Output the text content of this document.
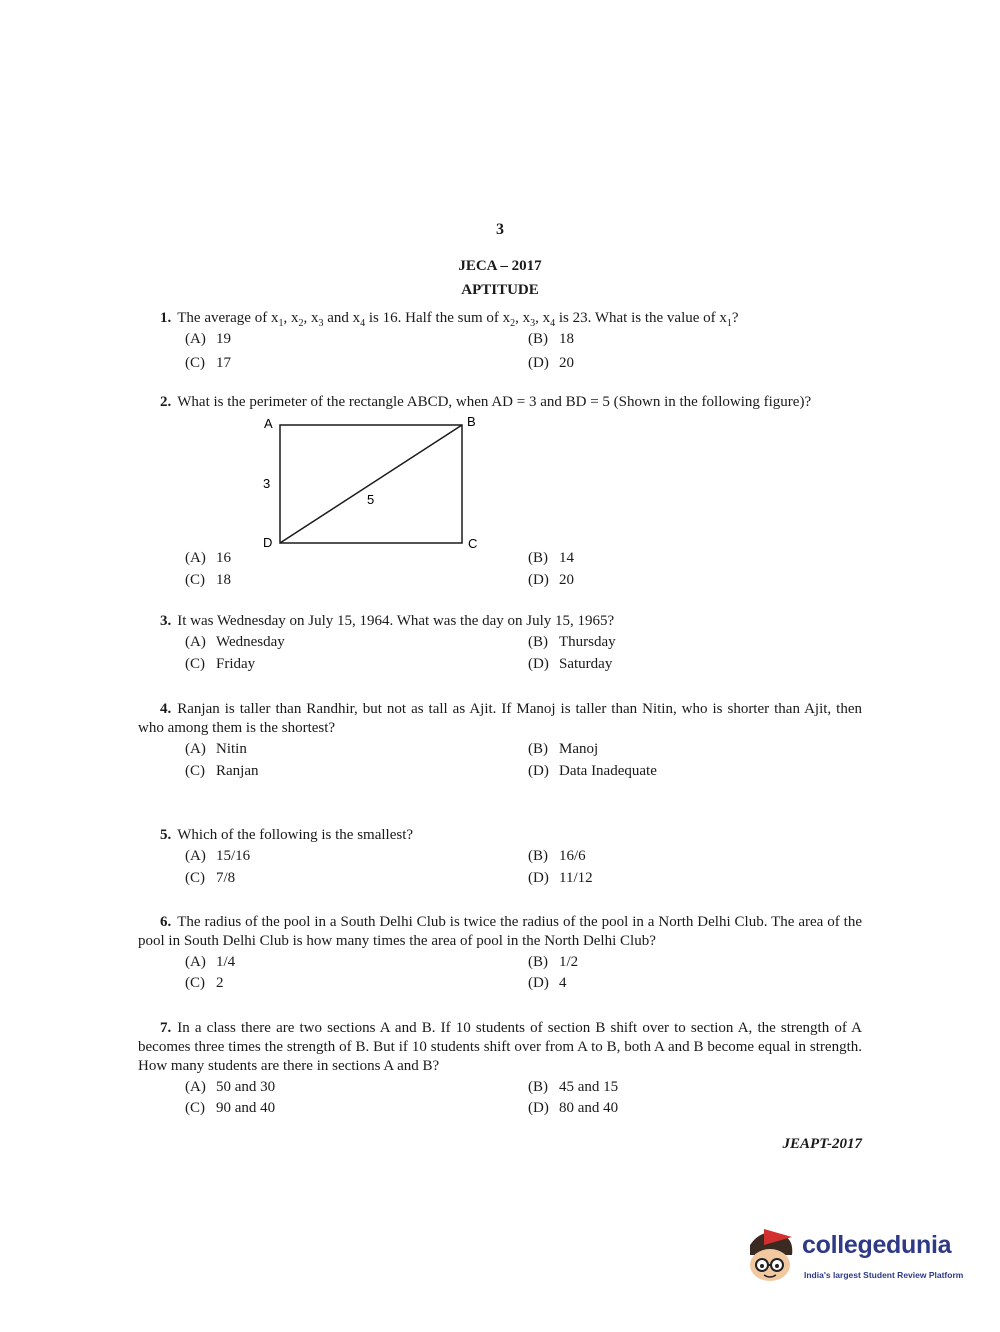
3
JECA – 2017
APTITUDE
1. The average of $x_1$, $x_2$, $x_3$ and $x_4$ is 16. Half the sum of $x_2$, $x_3$, $x_4$ is 23. What is the value of $x_1$?
(A) 19	(B) 18
(C) 17	(D) 20
2. What is the perimeter of the rectangle ABCD, when AD = 3 and BD = 5 (Shown in the following figure)?
A	B
C
D
3
5
(A) 16	(B) 14
(C) 18	(D) 20
3. It was Wednesday on July 15, 1964. What was the day on July 15, 1965?
(A) Wednesday	(B) Thursday
(C) Friday	(D) Saturday
4. Ranjan is taller than Randhir, but not as tall as Ajit. If Manoj is taller than Nitin, who is shorter than Ajit, then who among them is the shortest?
(A) Nitin	(B) Manoj
(C) Ranjan	(D) Data Inadequate
5. Which of the following is the smallest?
(A) 15/16	(B) 16/6
(C) 7/8	(D) 11/12
6. The radius of the pool in a South Delhi Club is twice the radius of the pool in a North Delhi Club. The area of the pool in South Delhi Club is how many times the area of pool in the North Delhi Club?
(A) 1/4	(B) 1/2
(C) 2	(D) 4
7. In a class there are two sections A and B. If 10 students of section B shift over to section A, the strength of A becomes three times the strength of B. But if 10 students shift over from A to B, both A and B become equal in strength. How many students are there in sections A and B?
(A) 50 and 30	(B) 45 and 15
(C) 90 and 40	(D) 80 and 40
JEAPT-2017
collegedunia
India's largest Student Review Platform
